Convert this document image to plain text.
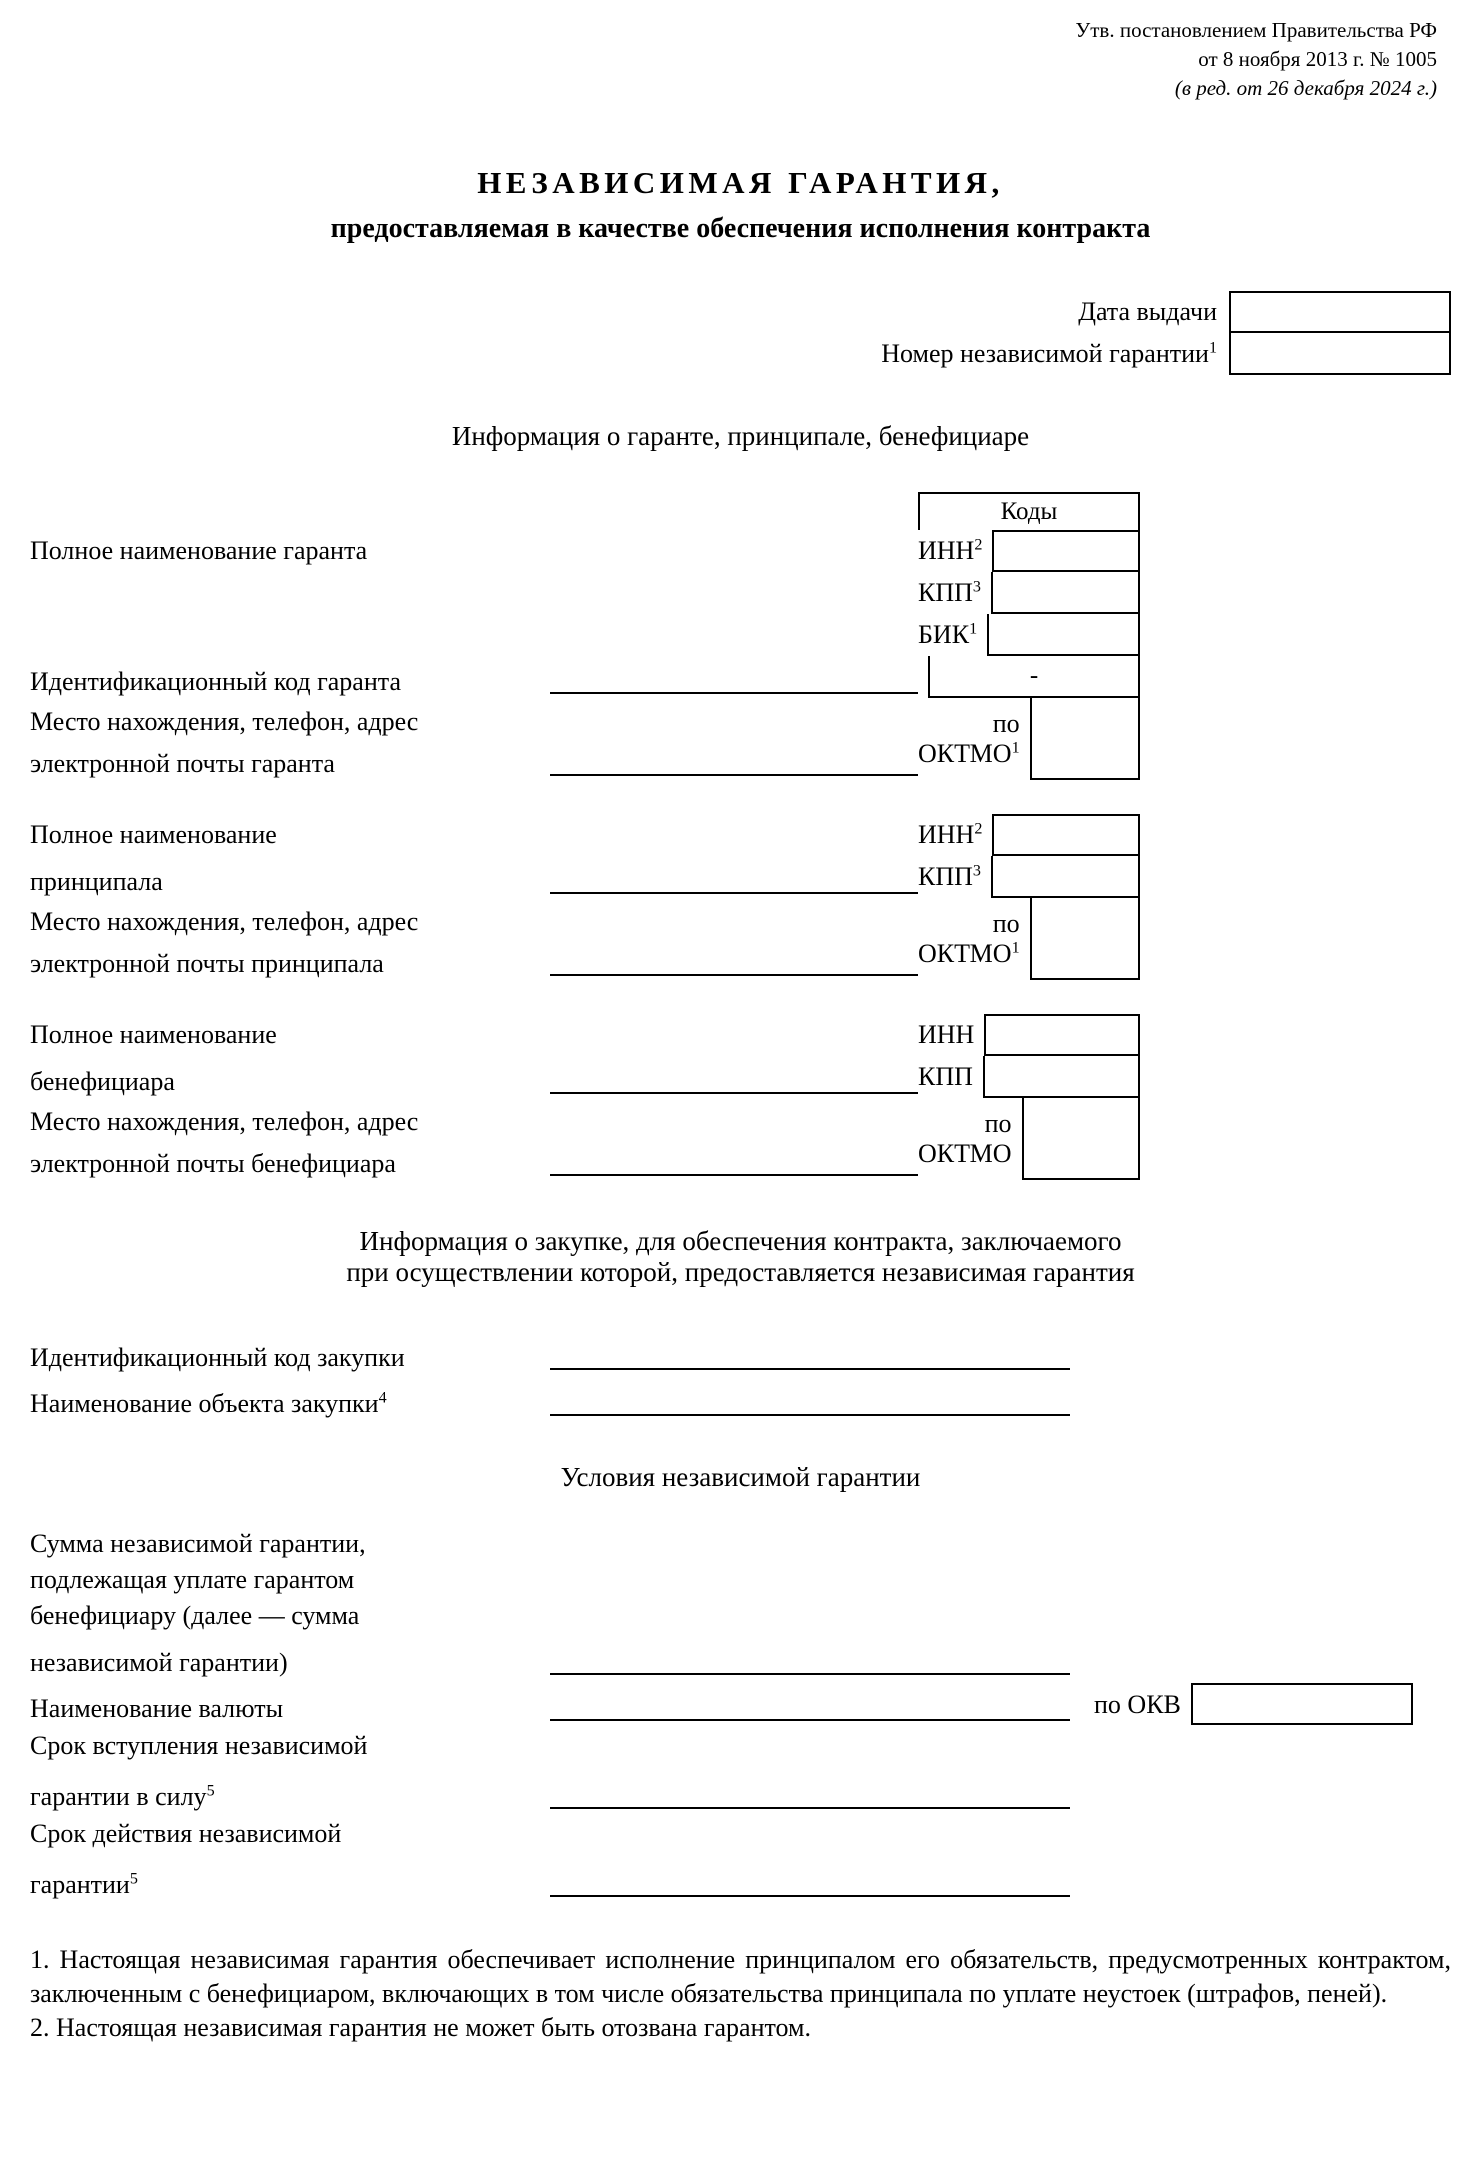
Утв. постановлением Правительства РФ
от 8 ноября 2013 г. № 1005
(в ред. от 26 декабря 2024 г.)
НЕЗАВИСИМАЯ ГАРАНТИЯ,
предоставляемая в качестве обеспечения исполнения контракта
Дата выдачи
Номер независимой гарантии$^1$
Информация о гаранте, принципале, бенефициаре

Полное наименование гаранта
Идентификационный код гаранта
Место нахождения, телефон, адрес
электронной почты гаранта
Коды
ИНН$^2$
КПП$^3$
БИК$^1$
-
по
ОКТМО$^1$
Полное наименование
принципала
Место нахождения, телефон, адрес
электронной почты принципала
ИНН$^2$
КПП$^3$
по
ОКТМО$^1$
Полное наименование
бенефициара
Место нахождения, телефон, адрес
электронной почты бенефициара
ИНН
КПП
по
ОКТМО
Информация о закупке, для обеспечения контракта, заключаемого
при осуществлении которой, предоставляется независимая гарантия
Идентификационный код закупки
Наименование объекта закупки$^4$
Условия независимой гарантии
Сумма независимой гарантии,
подлежащая уплате гарантом
бенефициару (далее — сумма
независимой гарантии)
Наименование валюты	по ОКВ
Срок вступления независимой
гарантии в силу$^5$
Срок действия независимой
гарантии$^5$

1. Настоящая независимая гарантия обеспечивает исполнение принципалом его обязательств, предусмотренных контрактом, заключенным с бенефициаром, включающих в том числе обязательства принципала по уплате неустоек (штрафов, пеней).

2. Настоящая независимая гарантия не может быть отозвана гарантом.
